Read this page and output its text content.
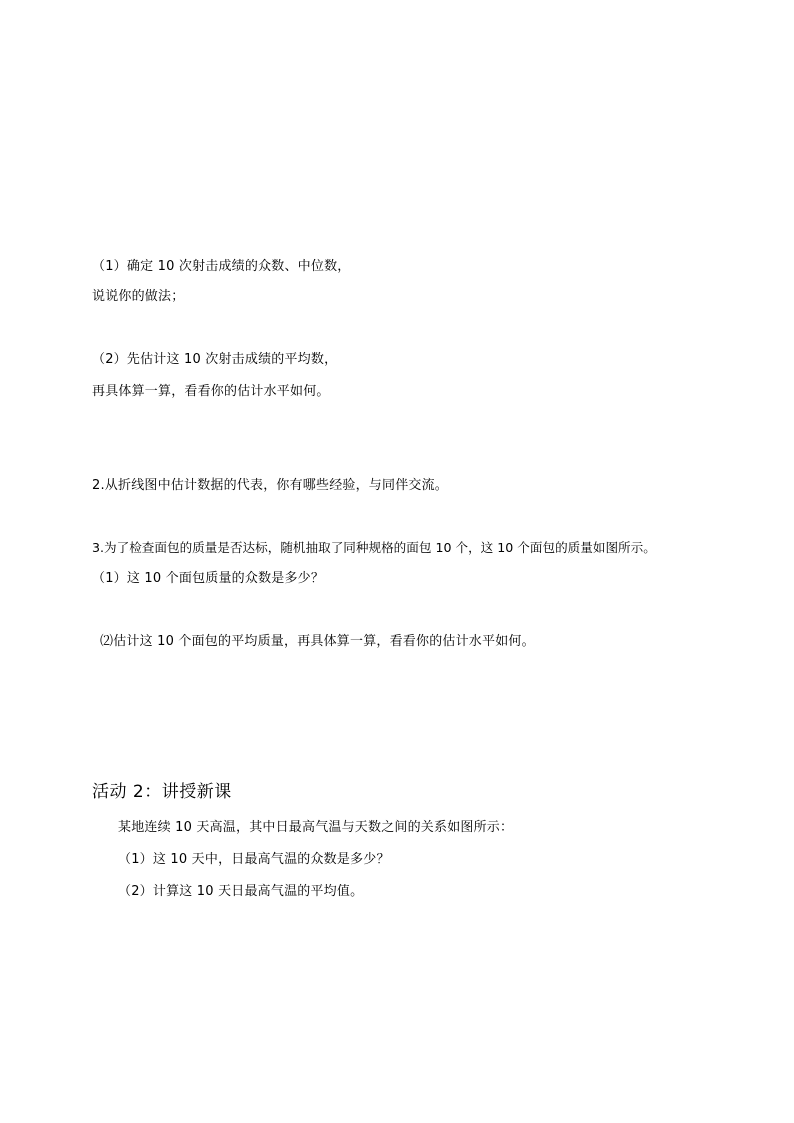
（1）确定 10 次射击成绩的众数、中位数，
说说你的做法；
（2）先估计这 10 次射击成绩的平均数，
再具体算一算，看看你的估计水平如何。
2.从折线图中估计数据的代表，你有哪些经验，与同伴交流。
3.为了检查面包的质量是否达标，随机抽取了同种规格的面包 10 个，这 10 个面包的质量如图所示。
（1）这 10 个面包质量的众数是多少？
⑵估计这 10 个面包的平均质量，再具体算一算，看看你的估计水平如何。
活动 2：讲授新课
某地连续 10 天高温，其中日最高气温与天数之间的关系如图所示：
（1）这 10 天中，日最高气温的众数是多少？
（2）计算这 10 天日最高气温的平均值。
